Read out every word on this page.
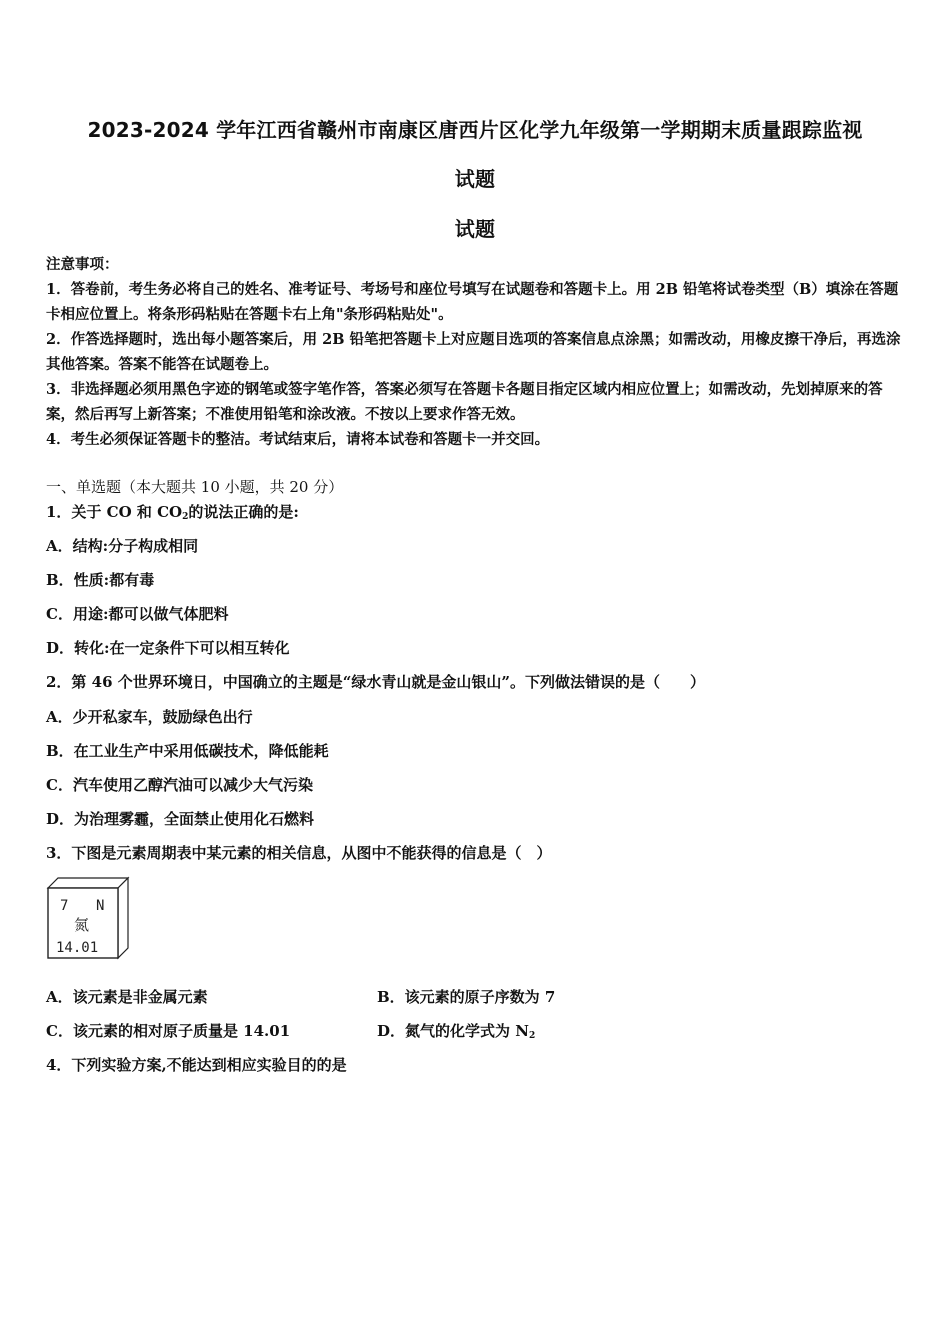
2023-2024 学年江西省赣州市南康区唐西片区化学九年级第一学期期末质量跟踪监视
试题
试题

注意事项：

1．答卷前，考生务必将自己的姓名、准考证号、考场号和座位号填写在试题卷和答题卡上。用 2B 铅笔将试卷类型（B）填涂在答题卡相应位置上。将条形码粘贴在答题卡右上角"条形码粘贴处"。

2．作答选择题时，选出每小题答案后，用 2B 铅笔把答题卡上对应题目选项的答案信息点涂黑；如需改动，用橡皮擦干净后，再选涂其他答案。答案不能答在试题卷上。

3．非选择题必须用黑色字迹的钢笔或签字笔作答，答案必须写在答题卡各题目指定区域内相应位置上；如需改动，先划掉原来的答案，然后再写上新答案；不准使用铅笔和涂改液。不按以上要求作答无效。

4．考生必须保证答题卡的整洁。考试结束后，请将本试卷和答题卡一并交回。

一、单选题（本大题共 10 小题，共 20 分）
1．关于 CO 和 $CO_2$的说法正确的是:
A．结构:分子构成相同
B．性质:都有毒
C．用途:都可以做气体肥料
D．转化:在一定条件下可以相互转化
2．第 46 个世界环境日，中国确立的主题是“绿水青山就是金山银山”。下列做法错误的是（　　）
A．少开私家车，鼓励绿色出行
B．在工业生产中采用低碳技术，降低能耗
C．汽车使用乙醇汽油可以减少大气污染
D．为治理雾霾，全面禁止使用化石燃料
3．下图是元素周期表中某元素的相关信息，从图中不能获得的信息是（　）
7 N
氮
14.01
A．该元素是非金属元素	B．该元素的原子序数为 7
C．该元素的相对原子质量是 14.01	D．氮气的化学式为 $N_2$
4．下列实验方案,不能达到相应实验目的的是
